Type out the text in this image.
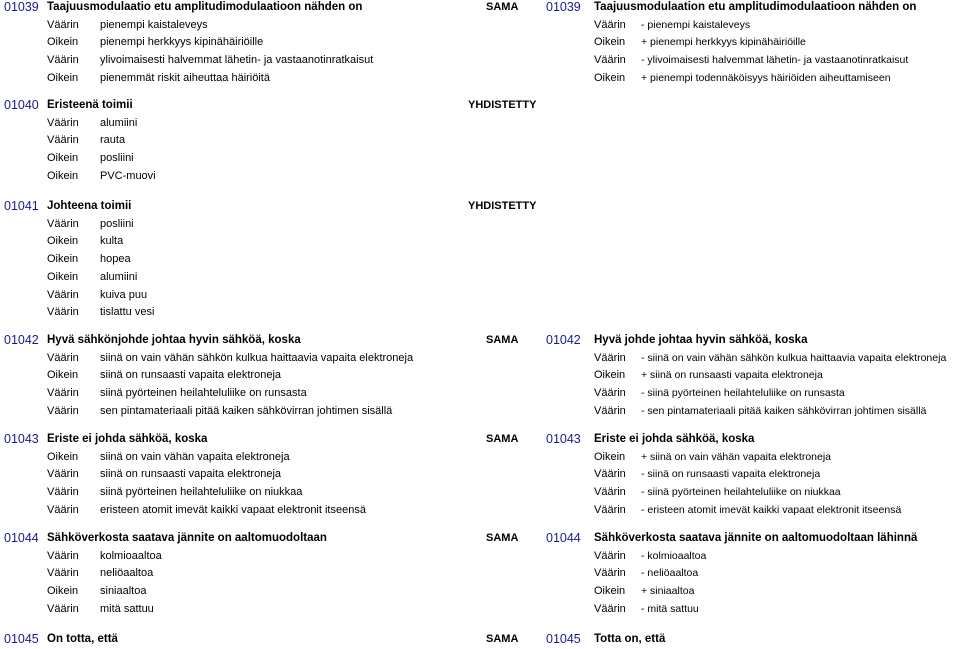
01039 Taajuusmodulaatio etu amplitudimodulaatioon nähden on	SAMA 01039 Taajuusmodulaation etu amplitudimodulaatioon nähden on
Väärin pienempi kaistaleveys	Väärin - pienempi kaistaleveys
Oikein pienempi herkkyys kipinähäiriöille	Oikein + pienempi herkkyys kipinähäiriöille
Väärin ylivoimaisesti halvemmat lähetin- ja vastaanotinratkaisut	Väärin - ylivoimaisesti halvemmat lähetin- ja vastaanotinratkaisut
Oikein pienemmät riskit aiheuttaa häiriöitä	Oikein + pienempi todennäköisyys häiriöiden aiheuttamiseen
01040 Eristeenä toimii	YHDISTETTY
Väärin alumiini
Väärin rauta
Oikein posliini
Oikein PVC-muovi
01041 Johteena toimii	YHDISTETTY
Väärin posliini
Oikein kulta
Oikein hopea
Oikein alumiini
Väärin kuiva puu
Väärin tislattu vesi
01042 Hyvä sähkönjohde johtaa hyvin sähköä, koska	SAMA 01042 Hyvä johde johtaa hyvin sähköä, koska
Väärin siinä on vain vähän sähkön kulkua haittaavia vapaita elektroneja	Väärin - siinä on vain vähän sähkön kulkua haittaavia vapaita elektroneja
Oikein siinä on runsaasti vapaita elektroneja	Oikein + siinä on runsaasti vapaita elektroneja
Väärin siinä pyörteinen heilahteluliike on runsasta	Väärin - siinä pyörteinen heilahteluliike on runsasta
Väärin sen pintamateriaali pitää kaiken sähkövirran johtimen sisällä	Väärin - sen pintamateriaali pitää kaiken sähkövirran johtimen sisällä
01043 Eriste ei johda sähköä, koska	SAMA 01043 Eriste ei johda sähköä, koska
Oikein siinä on vain vähän vapaita elektroneja	Oikein + siinä on vain vähän vapaita elektroneja
Väärin siinä on runsaasti vapaita elektroneja	Väärin - siinä on runsaasti vapaita elektroneja
Väärin siinä pyörteinen heilahteluliike on niukkaa	Väärin - siinä pyörteinen heilahteluliike on niukkaa
Väärin eristeen atomit imevät kaikki vapaat elektronit itseensä	Väärin - eristeen atomit imevät kaikki vapaat elektronit itseensä
01044 Sähköverkosta saatava jännite on aaltomuodoltaan	SAMA 01044 Sähköverkosta saatava jännite on aaltomuodoltaan lähinnä
Väärin kolmioaaltoa	Väärin - kolmioaaltoa
Väärin neliöaaltoa	Väärin - neliöaaltoa
Oikein siniaaltoa	Oikein + siniaaltoa
Väärin mitä sattuu	Väärin - mitä sattuu
01045 On totta, että	SAMA 01045 Totta on, että
